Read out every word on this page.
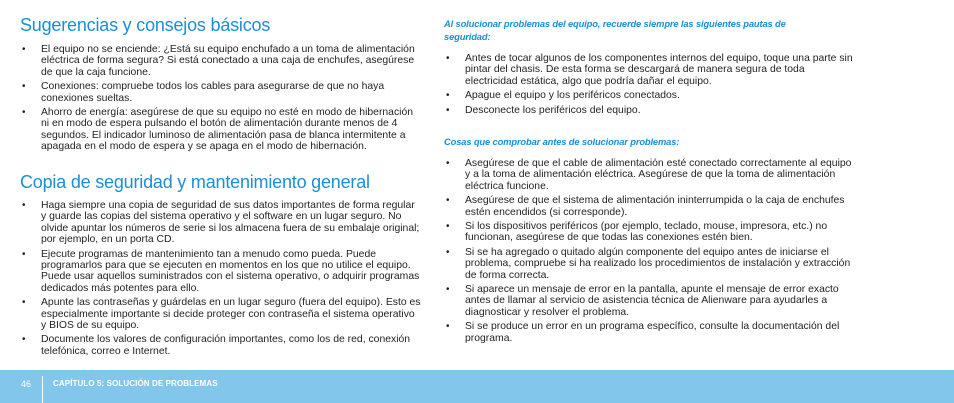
Sugerencias y consejos básicos
• El equipo no se enciende: ¿Está su equipo enchufado a un toma de alimentación eléctrica de forma segura? Si está conectado a una caja de enchufes, asegúrese de que la caja funcione.
• Conexiones: compruebe todos los cables para asegurarse de que no haya conexiones sueltas.
• Ahorro de energía: asegúrese de que su equipo no esté en modo de hibernación ni en modo de espera pulsando el botón de alimentación durante menos de 4 segundos. El indicador luminoso de alimentación pasa de blanca intermitente a apagada en el modo de espera y se apaga en el modo de hibernación.
Copia de seguridad y mantenimiento general
• Haga siempre una copia de seguridad de sus datos importantes de forma regular y guarde las copias del sistema operativo y el software en un lugar seguro. No olvide apuntar los números de serie si los almacena fuera de su embalaje original; por ejemplo, en un porta CD.
• Ejecute programas de mantenimiento tan a menudo como pueda. Puede programarlos para que se ejecuten en momentos en los que no utilice el equipo. Puede usar aquellos suministrados con el sistema operativo, o adquirir programas dedicados más potentes para ello.
• Apunte las contraseñas y guárdelas en un lugar seguro (fuera del equipo). Esto es especialmente importante si decide proteger con contraseña el sistema operativo y BIOS de su equipo.
• Documente los valores de configuración importantes, como los de red, conexión telefónica, correo e Internet.
Al solucionar problemas del equipo, recuerde siempre las siguientes pautas de seguridad:
• Antes de tocar algunos de los componentes internos del equipo, toque una parte sin pintar del chasis. De esta forma se descargará de manera segura de toda electricidad estática, algo que podría dañar el equipo.
• Apague el equipo y los periféricos conectados.
• Desconecte los periféricos del equipo.
Cosas que comprobar antes de solucionar problemas:
• Asegúrese de que el cable de alimentación esté conectado correctamente al equipo y a la toma de alimentación eléctrica. Asegúrese de que la toma de alimentación eléctrica funcione.
• Asegúrese de que el sistema de alimentación ininterrumpida o la caja de enchufes estén encendidos (si corresponde).
• Si los dispositivos periféricos (por ejemplo, teclado, mouse, impresora, etc.) no funcionan, asegúrese de que todas las conexiones estén bien.
• Si se ha agregado o quitado algún componente del equipo antes de iniciarse el problema, compruebe si ha realizado los procedimientos de instalación y extracción de forma correcta.
• Si aparece un mensaje de error en la pantalla, apunte el mensaje de error exacto antes de llamar al servicio de asistencia técnica de Alienware para ayudarles a diagnosticar y resolver el problema.
• Si se produce un error en un programa específico, consulte la documentación del programa.
46	CAPÍTULO 5: SOLUCIÓN DE PROBLEMAS
